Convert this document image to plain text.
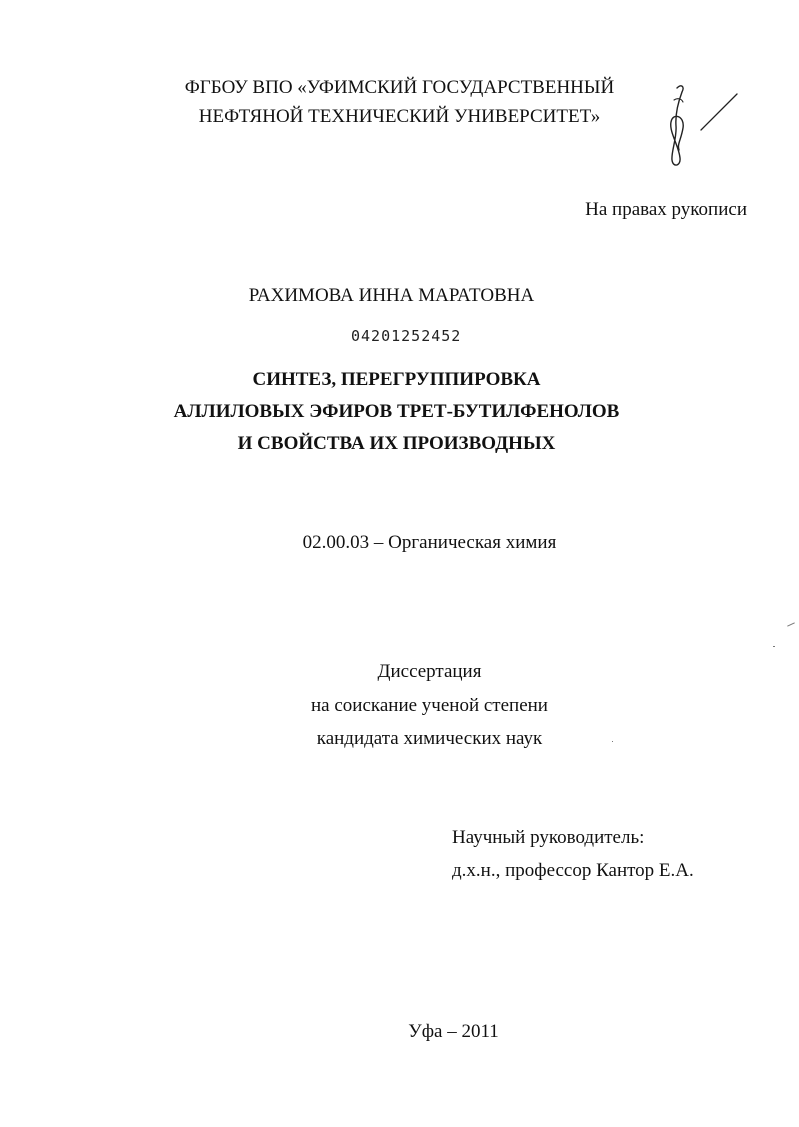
ФГБОУ ВПО «УФИМСКИЙ ГОСУДАРСТВЕННЫЙ
НЕФТЯНОЙ ТЕХНИЧЕСКИЙ УНИВЕРСИТЕТ»
На правах рукописи
РАХИМОВА ИННА МАРАТОВНА
04201252452
СИНТЕЗ, ПЕРЕГРУППИРОВКА
АЛЛИЛОВЫХ ЭФИРОВ ТРЕТ-БУТИЛФЕНОЛОВ
И СВОЙСТВА ИХ ПРОИЗВОДНЫХ
02.00.03 – Органическая химия
Диссертация
на соискание ученой степени
кандидата химических наук
Научный руководитель:
д.х.н., профессор Кантор Е.А.
Уфа – 2011
